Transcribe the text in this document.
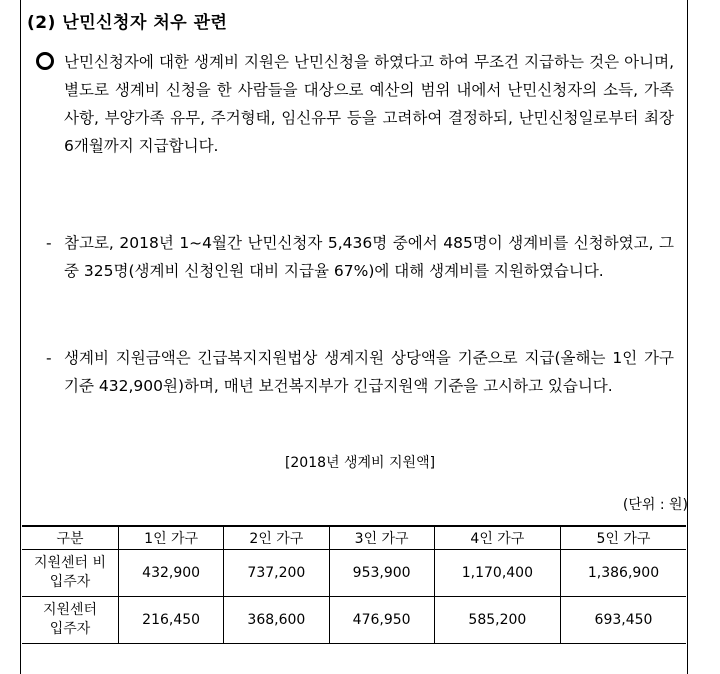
(2) 난민신청자 처우 관련

난민신청자에 대한 생계비 지원은 난민신청을 하였다고 하여 무조건 지급하는 것은 아니며, 별도로 생계비 신청을 한 사람들을 대상으로 예산의 범위 내에서 난민신청자의 소득, 가족사항, 부양가족 유무, 주거형태, 임신유무 등을 고려하여 결정하되, 난민신청일로부터 최장 6개월까지 지급합니다.

- 참고로, 2018년 1~4월간 난민신청자 5,436명 중에서 485명이 생계비를 신청하였고, 그 중 325명(생계비 신청인원 대비 지급율 67%)에 대해 생계비를 지원하였습니다.

- 생계비 지원금액은 긴급복지지원법상 생계지원 상당액을 기준으로 지급(올해는 1인 가구 기준 432,900원)하며, 매년 보건복지부가 긴급지원액 기준을 고시하고 있습니다.

[2018년 생계비 지원액]
(단위 : 원)
구분	1인 가구	2인 가구	3인 가구	4인 가구	5인 가구

지원센터 비
입주자	432,900	737,200	953,900	1,170,400	1,386,900

지원센터
입주자	216,450	368,600	476,950	585,200	693,450
